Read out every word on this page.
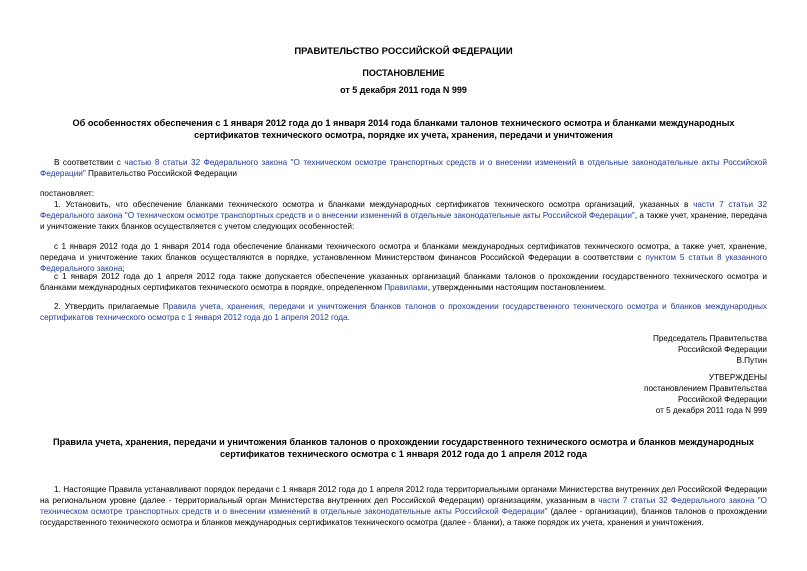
ПРАВИТЕЛЬСТВО РОССИЙСКОЙ ФЕДЕРАЦИИ
ПОСТАНОВЛЕНИЕ
от 5 декабря 2011 года N 999
Об особенностях обеспечения с 1 января 2012 года до 1 января 2014 года бланками талонов технического осмотра и бланками международных сертификатов технического осмотра, порядке их учета, хранения, передачи и уничтожения
В соответствии с частью 8 статьи 32 Федерального закона "О техническом осмотре транспортных средств и о внесении изменений в отдельные законодательные акты Российской Федерации" Правительство Российской Федерации
постановляет:
1. Установить, что обеспечение бланками технического осмотра и бланками международных сертификатов технического осмотра организаций, указанных в части 7 статьи 32 Федерального закона "О техническом осмотре транспортных средств и о внесении изменений в отдельные законодательные акты Российской Федерации", а также учет, хранение, передача и уничтожение таких бланков осуществляется с учетом следующих особенностей:
с 1 января 2012 года до 1 января 2014 года обеспечение бланками технического осмотра и бланками международных сертификатов технического осмотра, а также учет, хранение, передача и уничтожение таких бланков осуществляются в порядке, установленном Министерством финансов Российской Федерации в соответствии с пунктом 5 статьи 8 указанного Федерального закона;
с 1 января 2012 года до 1 апреля 2012 года также допускается обеспечение указанных организаций бланками талонов о прохождении государственного технического осмотра и бланками международных сертификатов технического осмотра в порядке, определенном Правилами, утвержденными настоящим постановлением.
2. Утвердить прилагаемые Правила учета, хранения, передачи и уничтожения бланков талонов о прохождении государственного технического осмотра и бланков международных сертификатов технического осмотра с 1 января 2012 года до 1 апреля 2012 года.
Председатель Правительства
Российской Федерации
В.Путин
УТВЕРЖДЕНЫ
постановлением Правительства
Российской Федерации
от 5 декабря 2011 года N 999
Правила учета, хранения, передачи и уничтожения бланков талонов о прохождении государственного технического осмотра и бланков международных сертификатов технического осмотра с 1 января 2012 года до 1 апреля 2012 года
1. Настоящие Правила устанавливают порядок передачи с 1 января 2012 года до 1 апреля 2012 года территориальными органами Министерства внутренних дел Российской Федерации на региональном уровне (далее - территориальный орган Министерства внутренних дел Российской Федерации) организациям, указанным в части 7 статьи 32 Федерального закона "О техническом осмотре транспортных средств и о внесении изменений в отдельные законодательные акты Российской Федерации" (далее - организации), бланков талонов о прохождении государственного технического осмотра и бланков международных сертификатов технического осмотра (далее - бланки), а также порядок их учета, хранения и уничтожения.
